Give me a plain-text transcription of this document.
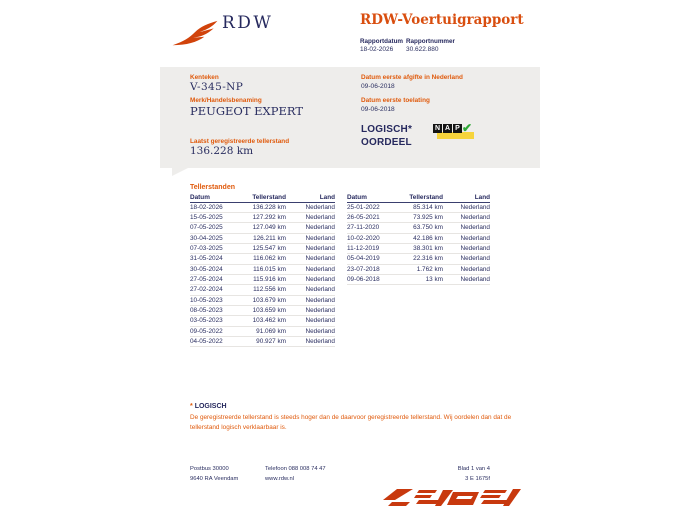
RDW	RDW-Voertuigrapport
Rapportdatum
18-02-2026
Rapportnummer
30.622.880
Kenteken
V-345-NP
Merk/Handelsbenaming
PEUGEOT EXPERT
Laatst geregistreerde tellerstand
136.228 km
Datum eerste afgifte in Nederland
09-06-2018
Datum eerste toelating
09-06-2018
LOGISCH*
OORDEEL
N A P ✔
Tellerstanden
Datum	Tellerstand	Land
18-02-2026	136.228 km	Nederland
15-05-2025	127.292 km	Nederland
07-05-2025	127.049 km	Nederland
30-04-2025	126.211 km	Nederland
07-03-2025	125.547 km	Nederland
31-05-2024	116.062 km	Nederland
30-05-2024	116.015 km	Nederland
27-05-2024	115.916 km	Nederland
27-02-2024	112.556 km	Nederland
10-05-2023	103.679 km	Nederland
08-05-2023	103.659 km	Nederland
03-05-2023	103.462 km	Nederland
09-05-2022	91.069 km	Nederland
04-05-2022	90.927 km	Nederland
Datum	Tellerstand	Land
25-01-2022	85.314 km	Nederland
26-05-2021	73.925 km	Nederland
27-11-2020	63.750 km	Nederland
10-02-2020	42.186 km	Nederland
11-12-2019	38.301 km	Nederland
05-04-2019	22.316 km	Nederland
23-07-2018	1.762 km	Nederland
09-06-2018	13 km	Nederland
* LOGISCH
De geregistreerde tellerstand is steeds hoger dan de daarvoor geregistreerde tellerstand. Wij oordelen dan dat de tellerstand logisch verklaarbaar is.
Postbus 30000
9640 RA Veendam
Telefoon 088 008 74 47
www.rdw.nl
Blad 1 van 4
3 E 1675f
